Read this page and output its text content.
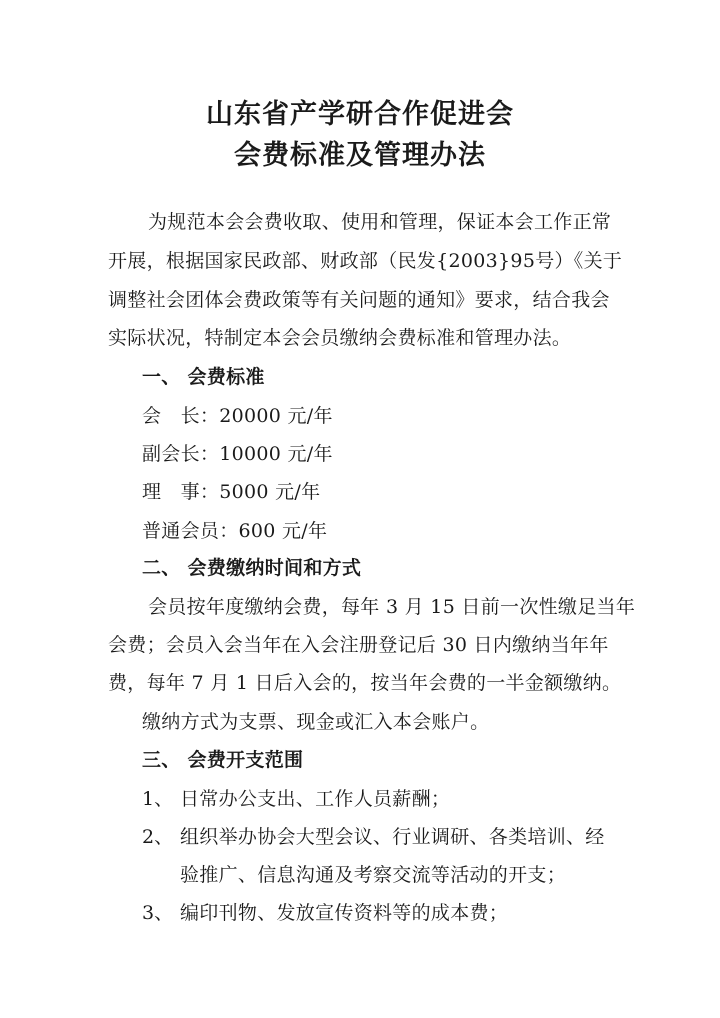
山东省产学研合作促进会
会费标准及管理办法

为规范本会会费收取、使用和管理，保证本会工作正常

开展，根据国家民政部、财政部（民发{2003}95号）《关于

调整社会团体会费政策等有关问题的通知》要求，结合我会

实际状况，特制定本会会员缴纳会费标准和管理办法。

一、 会费标准

会　长：20000 元/年

副会长：10000 元/年

理　事：5000 元/年

普通会员：600 元/年

二、 会费缴纳时间和方式

会员按年度缴纳会费，每年 3 月 15 日前一次性缴足当年

会费；会员入会当年在入会注册登记后 30 日内缴纳当年年

费，每年 7 月 1 日后入会的，按当年会费的一半金额缴纳。

缴纳方式为支票、现金或汇入本会账户。

三、 会费开支范围

1、 日常办公支出、工作人员薪酬；
2、 组织举办协会大型会议、行业调研、各类培训、经
验推广、信息沟通及考察交流等活动的开支；
3、 编印刊物、发放宣传资料等的成本费；
